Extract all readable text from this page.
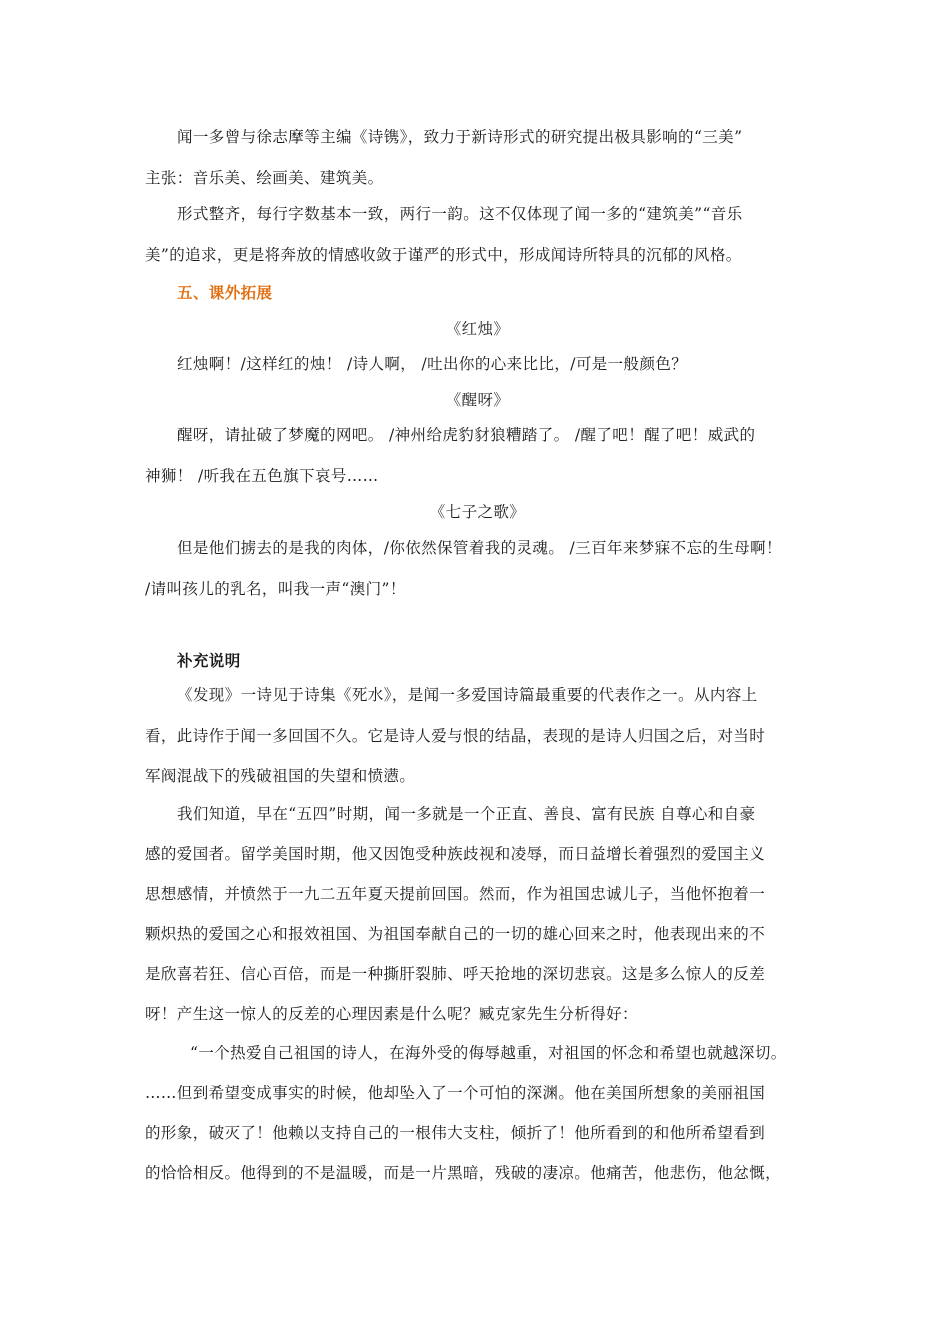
闻一多曾与徐志摩等主编《诗镌》，致力于新诗形式的研究提出极具影响的“三美”
主张：音乐美、绘画美、建筑美。
形式整齐，每行字数基本一致，两行一韵。这不仅体现了闻一多的“建筑美”“音乐
美”的追求，更是将奔放的情感收敛于谨严的形式中，形成闻诗所特具的沉郁的风格。
五、课外拓展
《红烛》
红烛啊！/这样红的烛！ /诗人啊， /吐出你的心来比比，/可是一般颜色？
《醒呀》
醒呀，请扯破了梦魔的网吧。 /神州给虎豹豺狼糟踏了。 /醒了吧！醒了吧！威武的
神狮！ /听我在五色旗下哀号……
《七子之歌》
但是他们掳去的是我的肉体，/你依然保管着我的灵魂。 /三百年来梦寐不忘的生母啊！
/请叫孩儿的乳名，叫我一声“澳门”！
补充说明
《发现》一诗见于诗集《死水》，是闻一多爱国诗篇最重要的代表作之一。从内容上
看，此诗作于闻一多回国不久。它是诗人爱与恨的结晶，表现的是诗人归国之后，对当时
军阀混战下的残破祖国的失望和愤懑。
我们知道，早在“五四”时期，闻一多就是一个正直、善良、富有民族 自尊心和自豪
感的爱国者。留学美国时期，他又因饱受种族歧视和凌辱，而日益增长着强烈的爱国主义
思想感情，并愤然于一九二五年夏天提前回国。然而，作为祖国忠诚儿子，当他怀抱着一
颗炽热的爱国之心和报效祖国、为祖国奉献自己的一切的雄心回来之时，他表现出来的不
是欣喜若狂、信心百倍，而是一种撕肝裂肺、呼天抢地的深切悲哀。这是多么惊人的反差
呀！产生这一惊人的反差的心理因素是什么呢？臧克家先生分析得好：
“一个热爱自己祖国的诗人，在海外受的侮辱越重，对祖国的怀念和希望也就越深切。
……但到希望变成事实的时候，他却坠入了一个可怕的深渊。他在美国所想象的美丽祖国
的形象，破灭了！他赖以支持自己的一根伟大支柱，倾折了！他所看到的和他所希望看到
的恰恰相反。他得到的不是温暖，而是一片黑暗，残破的凄凉。他痛苦，他悲伤，他忿慨，
